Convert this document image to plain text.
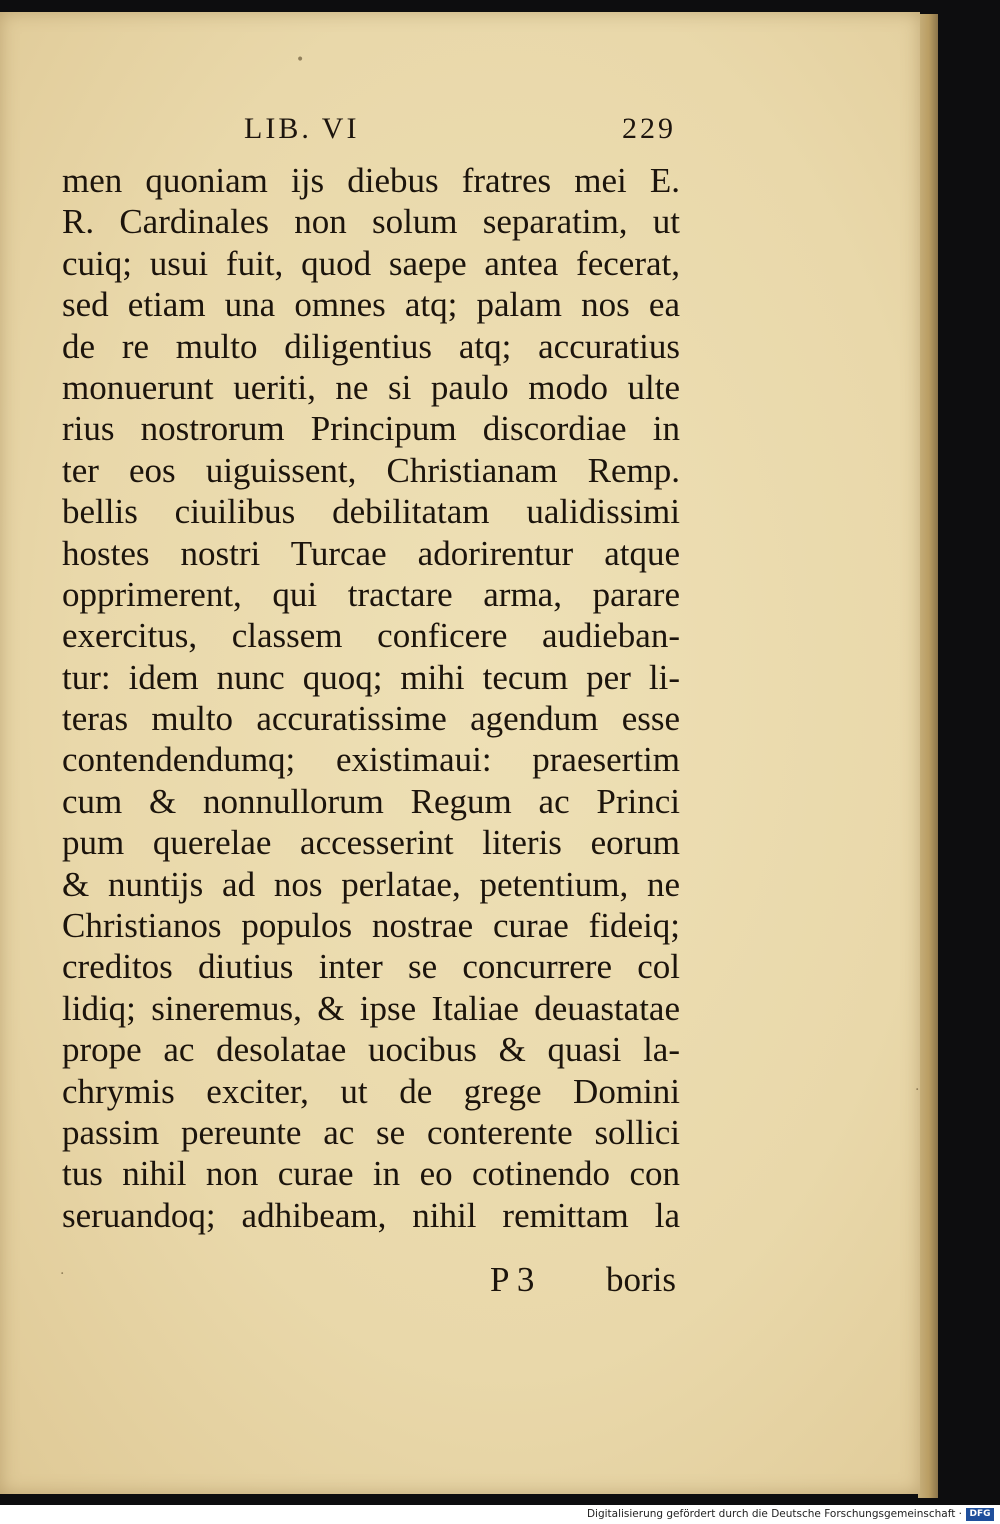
•
·
·
LIB. VI	229
men quoniam ijs diebus fratres mei E.
R. Cardinales non solum separatim, ut
cuiq; usui fuit, quod saepe antea fecerat,
sed etiam una omnes atq; palam nos ea
de re multo diligentius atq; accuratius
monuerunt ueriti, ne si paulo modo ulte
rius nostrorum Principum discordiae in
ter eos uiguissent, Christianam Remp.
bellis ciuilibus debilitatam ualidissimi
hostes nostri Turcae adorirentur atque
opprimerent, qui tractare arma, parare
exercitus, classem conficere audieban-
tur: idem nunc quoq; mihi tecum per li-
teras multo accuratissime agendum esse
contendendumq; existimaui: praesertim
cum & nonnullorum Regum ac Princi
pum querelae accesserint literis eorum
& nuntijs ad nos perlatae, petentium, ne
Christianos populos nostrae curae fideiq;
creditos diutius inter se concurrere col
lidiq; sineremus, & ipse Italiae deuastatae
prope ac desolatae uocibus & quasi la-
chrymis exciter, ut de grege Domini
passim pereunte ac se conterente sollici
tus nihil non curae in eo cotinendo con
seruandoq; adhibeam, nihil remittam la
P 3 boris
Digitalisierung gefördert durch die Deutsche Forschungsgemeinschaft · DFG
